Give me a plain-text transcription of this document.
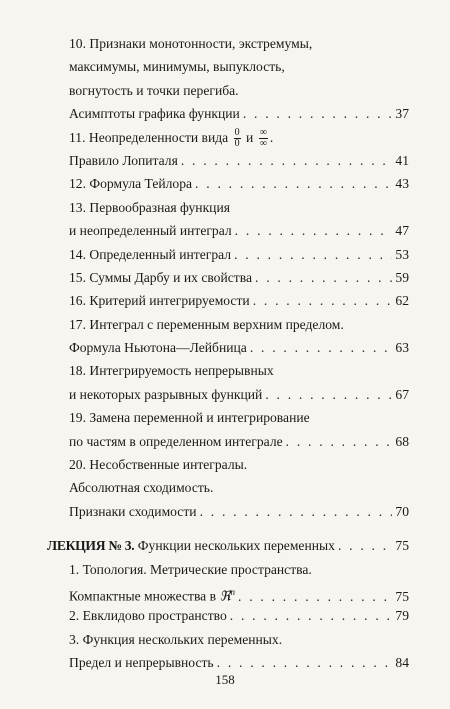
10. Признаки монотонности, экстремумы,
максимумы, минимумы, выпуклость,
вогнутость и точки перегиба.
Асимптоты графика функции . . .	37
11. Неопределенности вида $\frac{0}{0}$ и $\frac{\infty}{\infty}$ .
Правило Лопиталя . . .	41
12. Формула Тейлора . . .	43
13. Первообразная функция
и неопределенный интеграл . . .	47
14. Определенный интеграл . . .	53
15. Суммы Дарбу и их свойства . . .	59
16. Критерий интегрируемости . . .	62
17. Интеграл с переменным верхним пределом.
Формула Ньютона—Лейбница . . .	63
18. Интегрируемость непрерывных
и некоторых разрывных функций . . .	67
19. Замена переменной и интегрирование
по частям в определенном интеграле . . .	68
20. Несобственные интегралы.
Абсолютная сходимость.
Признаки сходимости . . .	70
ЛЕКЦИЯ № 3. Функции нескольких переменных . . .	75
1. Топология. Метрические пространства.
Компактные множества в ℜ$^n$ . . .	75
2. Евклидово пространство . . .	79
3. Функция нескольких переменных.
Предел и непрерывность . . .	84
158
